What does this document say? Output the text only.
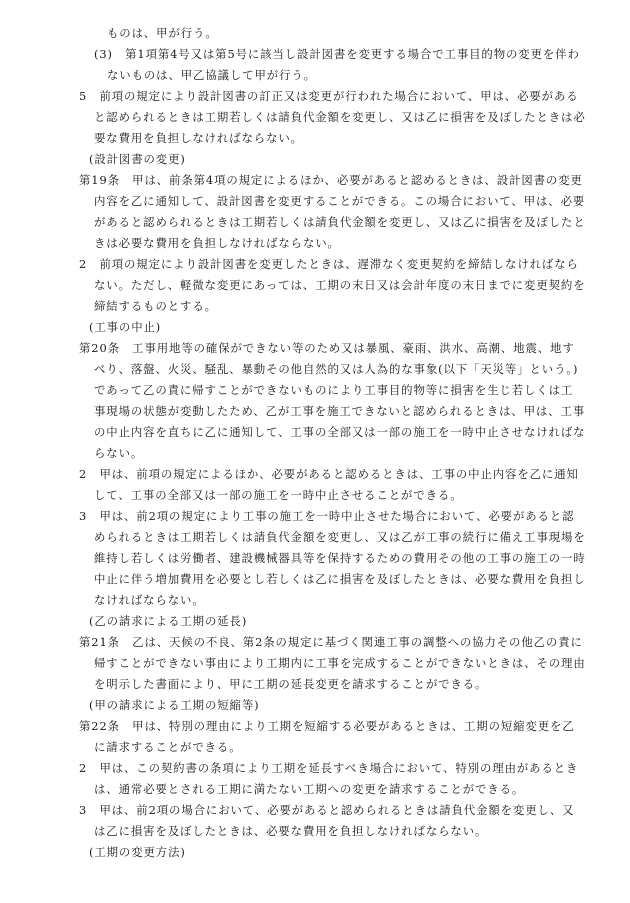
ものは、甲が行う。
(3)　第1項第4号又は第5号に該当し設計図書を変更する場合で工事目的物の変更を伴わ
ないものは、甲乙協議して甲が行う。
5　前項の規定により設計図書の訂正又は変更が行われた場合において、甲は、必要がある
と認められるときは工期若しくは請負代金額を変更し、又は乙に損害を及ぼしたときは必
要な費用を負担しなければならない。
(設計図書の変更)
第19条　甲は、前条第4項の規定によるほか、必要があると認めるときは、設計図書の変更
内容を乙に通知して、設計図書を変更することができる。この場合において、甲は、必要
があると認められるときは工期若しくは請負代金額を変更し、又は乙に損害を及ぼしたと
きは必要な費用を負担しなければならない。
2　前項の規定により設計図書を変更したときは、遅滞なく変更契約を締結しなければなら
ない。ただし、軽微な変更にあっては、工期の末日又は会計年度の末日までに変更契約を
締結するものとする。
(工事の中止)
第20条　工事用地等の確保ができない等のため又は暴風、豪雨、洪水、高潮、地震、地す
べり、落盤、火災、騒乱、暴動その他自然的又は人為的な事象(以下「天災等」という。)
であって乙の責に帰すことができないものにより工事目的物等に損害を生じ若しくは工
事現場の状態が変動したため、乙が工事を施工できないと認められるときは、甲は、工事
の中止内容を直ちに乙に通知して、工事の全部又は一部の施工を一時中止させなければな
らない。
2　甲は、前項の規定によるほか、必要があると認めるときは、工事の中止内容を乙に通知
して、工事の全部又は一部の施工を一時中止させることができる。
3　甲は、前2項の規定により工事の施工を一時中止させた場合において、必要があると認
められるときは工期若しくは請負代金額を変更し、又は乙が工事の続行に備え工事現場を
維持し若しくは労働者、建設機械器具等を保持するための費用その他の工事の施工の一時
中止に伴う増加費用を必要とし若しくは乙に損害を及ぼしたときは、必要な費用を負担し
なければならない。
(乙の請求による工期の延長)
第21条　乙は、天候の不良、第2条の規定に基づく関連工事の調整への協力その他乙の責に
帰すことができない事由により工期内に工事を完成することができないときは、その理由
を明示した書面により、甲に工期の延長変更を請求することができる。
(甲の請求による工期の短縮等)
第22条　甲は、特別の理由により工期を短縮する必要があるときは、工期の短縮変更を乙
に請求することができる。
2　甲は、この契約書の条項により工期を延長すべき場合において、特別の理由があるとき
は、通常必要とされる工期に満たない工期への変更を請求することができる。
3　甲は、前2項の場合において、必要があると認められるときは請負代金額を変更し、又
は乙に損害を及ぼしたときは、必要な費用を負担しなければならない。
(工期の変更方法)
